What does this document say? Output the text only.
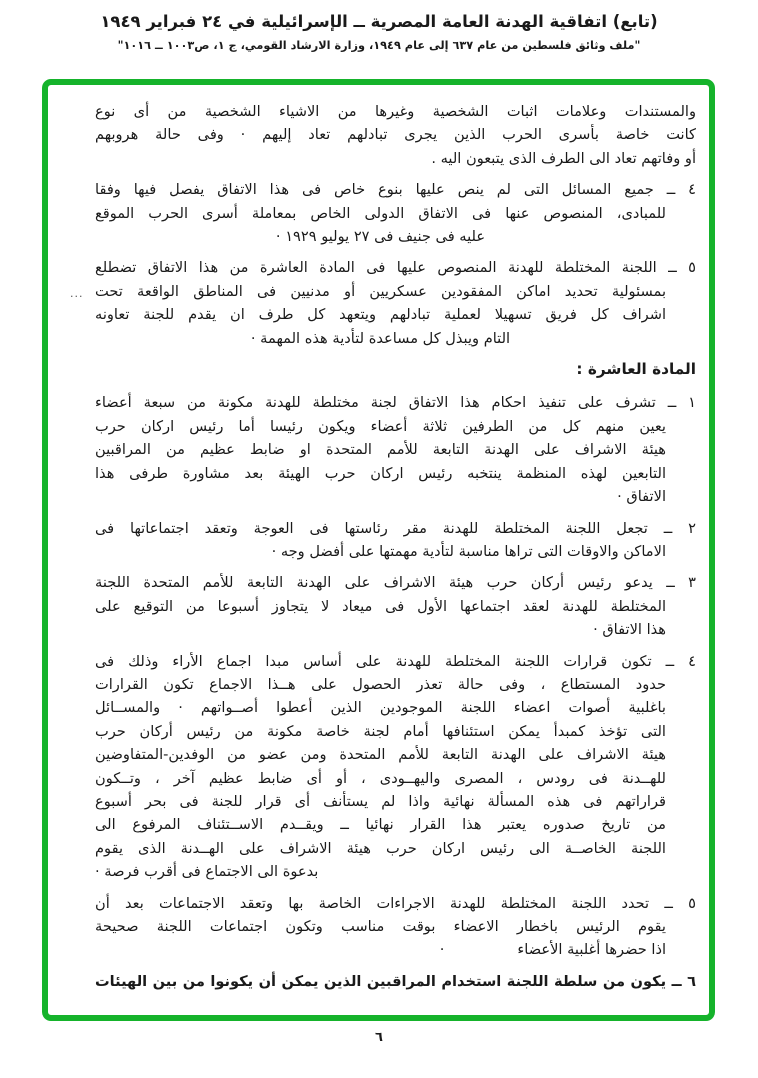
(تابع) اتفاقية الهدنة العامة المصرية ــ الإسرائيلية في ٢٤ فبراير ١٩٤٩
"ملف وثائق فلسطين من عام ٦٣٧ إلى عام ١٩٤٩، وزارة الارشاد القومي، ج ١، ص١٠٠٣ ــ ١٠١٦"
والمستندات وعلامات اثبات الشخصية وغيرها من الاشياء الشخصية من أى نوع
كانت خاصة بأسرى الحرب الذين يجرى تبادلهم تعاد إليهم · وفى حالة هروبهم
أو وفاتهم تعاد الى الطرف الذى يتبعون اليه .
٤ ــ جميع المسائل التى لم ينص عليها بنوع خاص فى هذا الاتفاق يفصل فيها وفقا
للمبادى، المنصوص عنها فى الاتفاق الدولى الخاص بمعاملة أسرى الحرب الموقع
عليه فى جنيف فى ٢٧ يوليو ١٩٢٩ ·
٥ ــ اللجنة المختلطة للهدنة المنصوص عليها فى المادة العاشرة من هذا الاتفاق تضطلع
بمسئولية تحديد اماكن المفقودين عسكريين أو مدنيين فى المناطق الواقعة تحت
اشراف كل فريق تسهيلا لعملية تبادلهم ويتعهد كل طرف ان يقدم للجنة تعاونه
التام ويبذل كل مساعدة لتأدية هذه المهمة ·
المادة العاشرة :
١ ــ تشرف على تنفيذ احكام هذا الاتفاق لجنة مختلطة للهدنة مكونة من سبعة أعضاء
يعين منهم كل من الطرفين ثلاثة أعضاء ويكون رئيسا أما رئيس اركان حرب
هيئة الاشراف على الهدنة التابعة للأمم المتحدة او ضابط عظيم من المراقبين
التابعين لهذه المنظمة ينتخبه رئيس اركان حرب الهيئة بعد مشاورة طرفى هذا
الاتفاق ·
٢ ــ تجعل اللجنة المختلطة للهدنة مقر رئاستها فى العوجة وتعقد اجتماعاتها فى
الاماكن والاوقات التى تراها مناسبة لتأدية مهمتها على أفضل وجه ·
٣ ــ يدعو رئيس أركان حرب هيئة الاشراف على الهدنة التابعة للأمم المتحدة اللجنة
المختلطة للهدنة لعقد اجتماعها الأول فى ميعاد لا يتجاوز أسبوعا من التوقيع على
هذا الاتفاق ·
٤ ــ تكون قرارات اللجنة المختلطة للهدنة على أساس مبدا اجماع الأراء وذلك فى
حدود المستطاع ، وفى حالة تعذر الحصول على هــذا الاجماع تكون القرارات
باغلبية أصوات اعضاء اللجنة الموجودين الذين أعطوا أصــواتهم · والمســائل
التى تؤخذ كمبدأ يمكن استئنافها أمام لجنة خاصة مكونة من رئيس أركان حرب
هيئة الاشراف على الهدنة التابعة للأمم المتحدة ومن عضو من الوفدين-المتفاوضين
للهــدنة فى رودس ، المصرى واليهــودى ، أو أى ضابط عظيم آخر ، وتــكون
قراراتهم فى هذه المسألة نهائية واذا لم يستأنف أى قرار للجنة فى بحر أسبوع
من تاريخ صدوره يعتبر هذا القرار نهائيا ــ ويقــدم الاســتئناف المرفوع الى
اللجنة الخاصــة الى رئيس اركان حرب هيئة الاشراف على الهــدنة الذى يقوم
بدعوة الى الاجتماع فى أقرب فرصة ·
٥ ــ تحدد اللجنة المختلطة للهدنة الاجراءات الخاصة بها وتعقد الاجتماعات بعد أن
يقوم الرئيس باخطار الاعضاء بوقت مناسب وتكون اجتماعات اللجنة صحيحة
اذا حضرها أغلبية الأعضاء     ·
٦ ــ يكون من سلطة اللجنة استخدام المراقبين الذين يمكن أن يكونوا من بين الهيئات
...
٦
